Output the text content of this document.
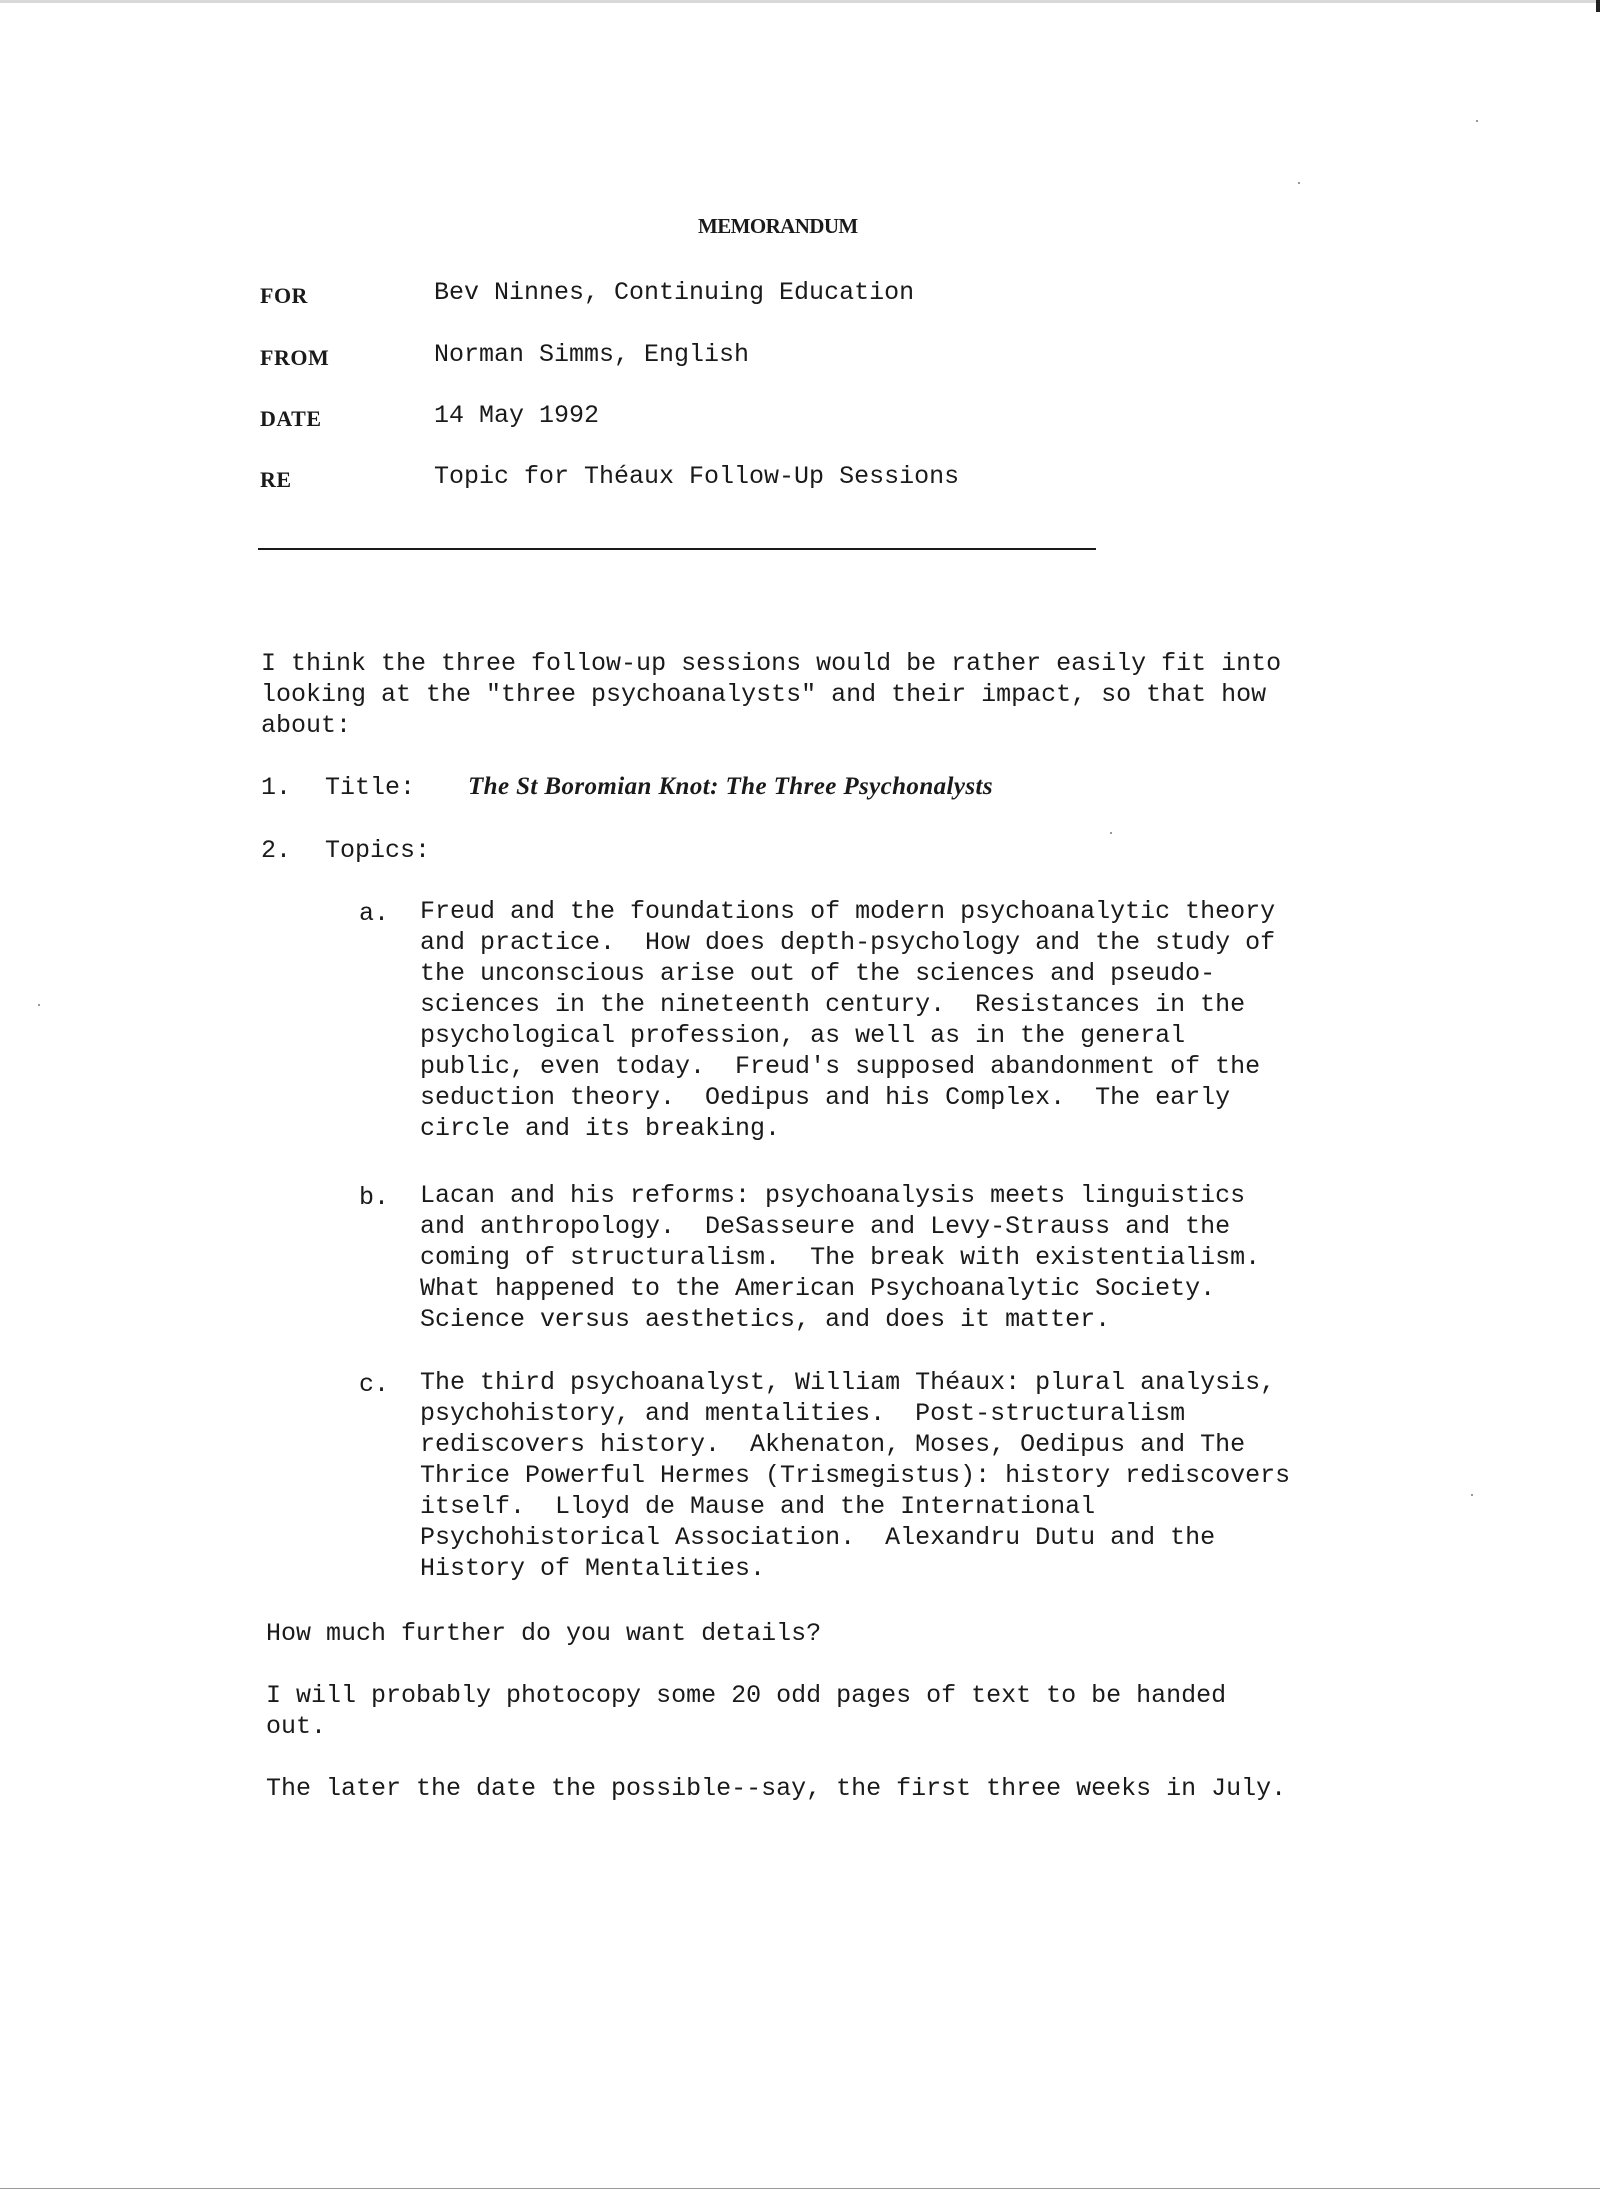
MEMORANDUM
FOR	Bev Ninnes, Continuing Education
FROM	Norman Simms, English
DATE	14 May 1992
RE	Topic for Théaux Follow-Up Sessions

I think the three follow-up sessions would be rather easily fit into
looking at the "three psychoanalysts" and their impact, so that how
about:

1. Title: The St Boromian Knot: The Three Psychonalysts
2. Topics:
a. Freud and the foundations of modern psychoanalytic theory
and practice.  How does depth-psychology and the study of
the unconscious arise out of the sciences and pseudo-
sciences in the nineteenth century.  Resistances in the
psychological profession, as well as in the general
public, even today.  Freud's supposed abandonment of the
seduction theory.  Oedipus and his Complex.  The early
circle and its breaking.

b. Lacan and his reforms: psychoanalysis meets linguistics
and anthropology.  DeSasseure and Levy-Strauss and the
coming of structuralism.  The break with existentialism.
What happened to the American Psychoanalytic Society.
Science versus aesthetics, and does it matter.

c. The third psychoanalyst, William Théaux: plural analysis,
psychohistory, and mentalities.  Post-structuralism
rediscovers history.  Akhenaton, Moses, Oedipus and The
Thrice Powerful Hermes (Trismegistus): history rediscovers
itself.  Lloyd de Mause and the International
Psychohistorical Association.  Alexandru Dutu and the
History of Mentalities.

How much further do you want details?

I will probably photocopy some 20 odd pages of text to be handed
out.

The later the date the possible--say, the first three weeks in July.
